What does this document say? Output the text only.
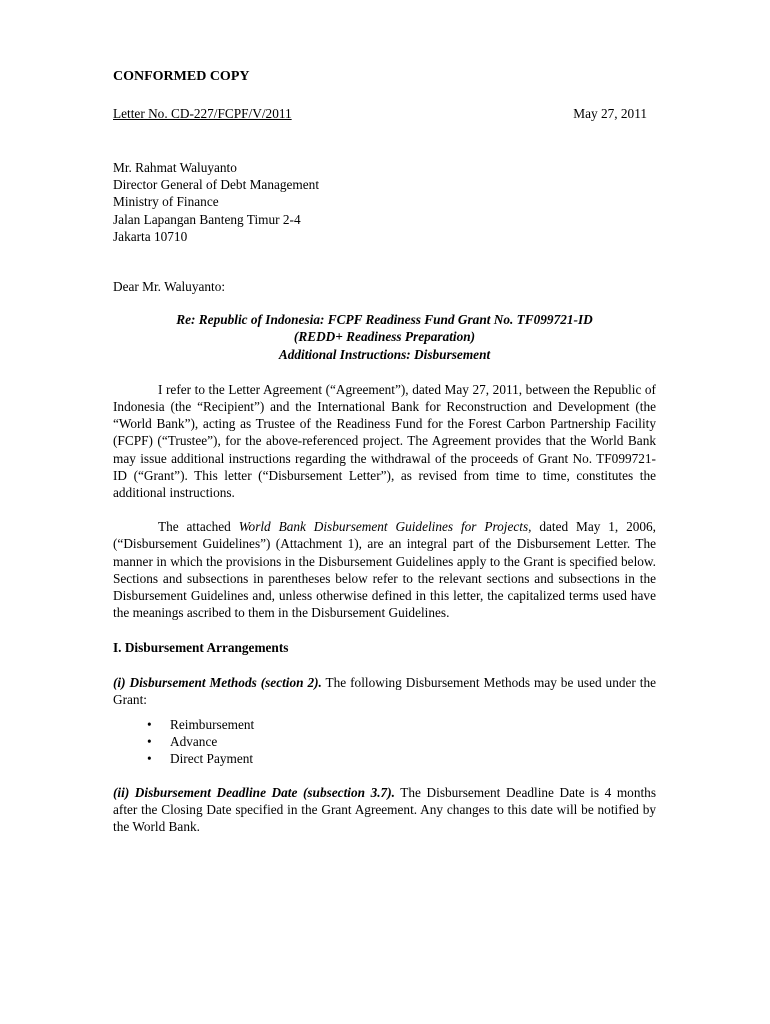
CONFORMED COPY
Letter No. CD-227/FCPF/V/2011	May 27, 2011
Mr. Rahmat Waluyanto
Director General of Debt Management
Ministry of Finance
Jalan Lapangan Banteng Timur 2-4
Jakarta 10710
Dear Mr. Waluyanto:
Re: Republic of Indonesia: FCPF Readiness Fund Grant No. TF099721-ID
(REDD+ Readiness Preparation)
Additional Instructions: Disbursement
I refer to the Letter Agreement (“Agreement”), dated May 27, 2011, between the Republic of Indonesia (the “Recipient”) and the International Bank for Reconstruction and Development (the “World Bank”), acting as Trustee of the Readiness Fund for the Forest Carbon Partnership Facility (FCPF) (“Trustee”), for the above-referenced project. The Agreement provides that the World Bank may issue additional instructions regarding the withdrawal of the proceeds of Grant No. TF099721-ID (“Grant”). This letter (“Disbursement Letter”), as revised from time to time, constitutes the additional instructions.
The attached World Bank Disbursement Guidelines for Projects, dated May 1, 2006, (“Disbursement Guidelines”) (Attachment 1), are an integral part of the Disbursement Letter. The manner in which the provisions in the Disbursement Guidelines apply to the Grant is specified below. Sections and subsections in parentheses below refer to the relevant sections and subsections in the Disbursement Guidelines and, unless otherwise defined in this letter, the capitalized terms used have the meanings ascribed to them in the Disbursement Guidelines.
I. Disbursement Arrangements
(i) Disbursement Methods (section 2). The following Disbursement Methods may be used under the Grant:
• Reimbursement
• Advance
• Direct Payment
(ii) Disbursement Deadline Date (subsection 3.7). The Disbursement Deadline Date is 4 months after the Closing Date specified in the Grant Agreement. Any changes to this date will be notified by the World Bank.
